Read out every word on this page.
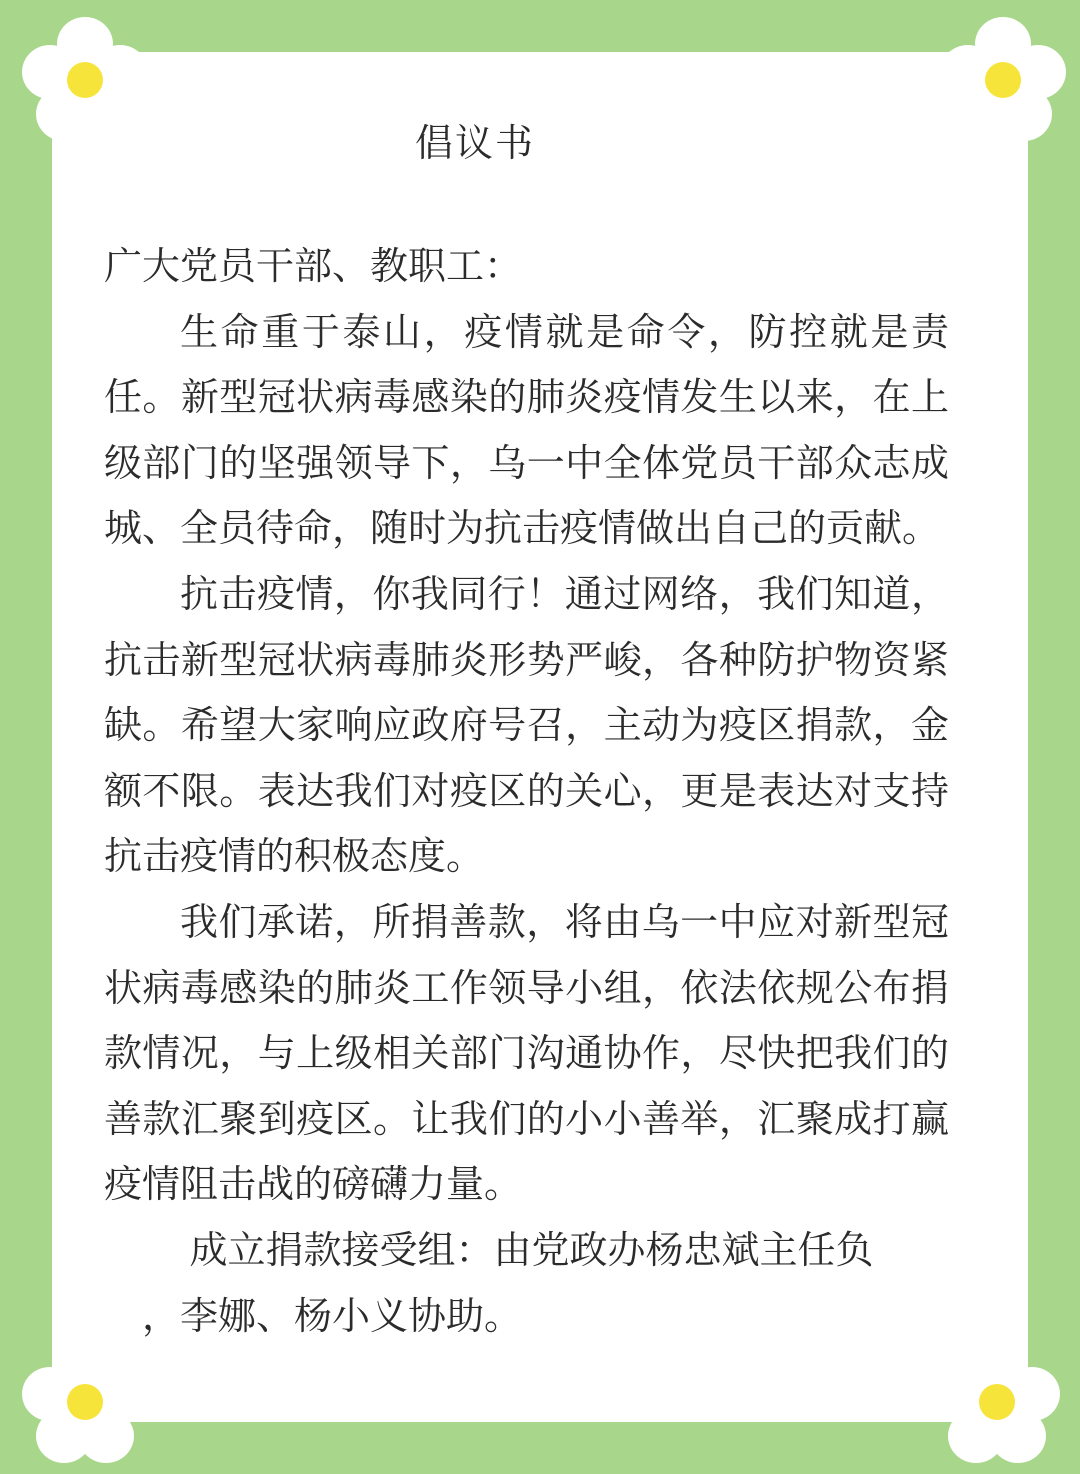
倡议书

广大党员干部、教职工：

生命重于泰山，疫情就是命令，防控就是责任。新型冠状病毒感染的肺炎疫情发生以来，在上级部门的坚强领导下，乌一中全体党员干部众志成城、全员待命，随时为抗击疫情做出自己的贡献。

抗击疫情，你我同行！通过网络，我们知道，抗击新型冠状病毒肺炎形势严峻，各种防护物资紧缺。希望大家响应政府号召，主动为疫区捐款，金额不限。表达我们对疫区的关心，更是表达对支持抗击疫情的积极态度。

我们承诺，所捐善款，将由乌一中应对新型冠状病毒感染的肺炎工作领导小组，依法依规公布捐款情况，与上级相关部门沟通协作，尽快把我们的善款汇聚到疫区。让我们的小小善举，汇聚成打赢疫情阻击战的磅礴力量。

成立捐款接受组：由党政办杨忠斌主任负

，李娜、杨小义协助。
